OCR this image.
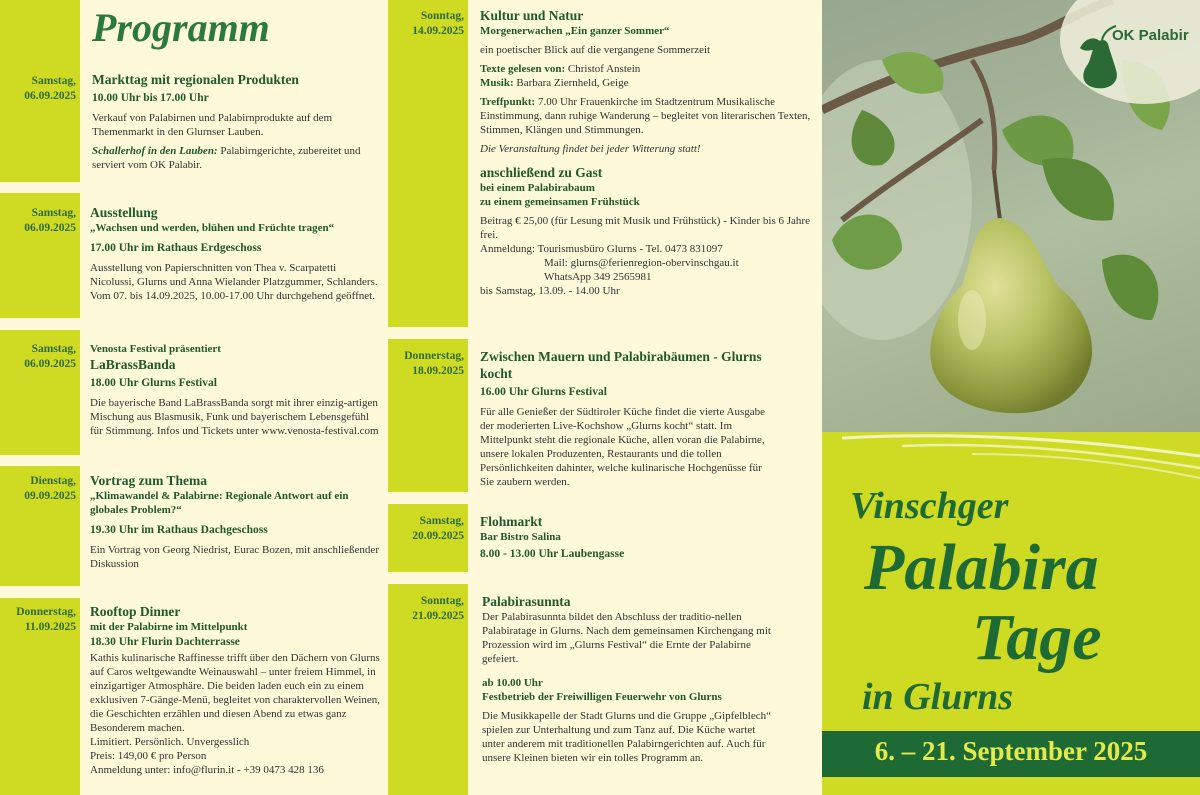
Programm
Samstag,
06.09.2025
Markttag mit regionalen Produkten
10.00 Uhr bis 17.00 Uhr
Verkauf von Palabirnen und Palabirnprodukte auf dem Themenmarkt in den Glurnser Lauben.
Schallerhof in den Lauben: Palabirngerichte, zubereitet und serviert vom OK Palabir.
Samstag,
06.09.2025
Ausstellung
„Wachsen und werden, blühen und Früchte tragen“
17.00 Uhr im Rathaus Erdgeschoss
Ausstellung von Papierschnitten von Thea v. Scarpatetti Nicolussi, Glurns und Anna Wielander Platzgummer, Schlanders. Vom 07. bis 14.09.2025, 10.00-17.00 Uhr durchgehend geöffnet.
Samstag,
06.09.2025
Venosta Festival präsentiert
LaBrassBanda
18.00 Uhr Glurns Festival
Die bayerische Band LaBrassBanda sorgt mit ihrer einzig-artigen Mischung aus Blasmusik, Funk und bayerischem Lebensgefühl für Stimmung. Infos und Tickets unter www.venosta-festival.com
Dienstag,
09.09.2025
Vortrag zum Thema
„Klimawandel & Palabirne: Regionale Antwort auf ein globales Problem?“
19.30 Uhr im Rathaus Dachgeschoss
Ein Vortrag von Georg Niedrist, Eurac Bozen, mit anschließender Diskussion
Donnerstag,
11.09.2025
Rooftop Dinner
mit der Palabirne im Mittelpunkt
18.30 Uhr Flurin Dachterrasse
Kathis kulinarische Raffinesse trifft über den Dächern von Glurns auf Caros weltgewandte Weinauswahl – unter freiem Himmel, in einzigartiger Atmosphäre. Die beiden laden euch ein zu einem exklusiven 7-Gänge-Menü, begleitet von charaktervollen Weinen, die Geschichten erzählen und diesen Abend zu etwas ganz Besonderem machen.
Limitiert. Persönlich. Unvergesslich
Preis: 149,00 € pro Person
Anmeldung unter: info@flurin.it - +39 0473 428 136
Sonntag,
14.09.2025
Kultur und Natur
Morgenerwachen „Ein ganzer Sommer“
ein poetischer Blick auf die vergangene Sommerzeit
Texte gelesen von: Christof Anstein
Musik: Barbara Ziernheld, Geige
Treffpunkt: 7.00 Uhr Frauenkirche im Stadtzentrum Musikalische Einstimmung, dann ruhige Wanderung – begleitet von literarischen Texten, Stimmen, Klängen und Stimmungen.
Die Veranstaltung findet bei jeder Witterung statt!
anschließend zu Gast
bei einem Palabirabaum
zu einem gemeinsamen Frühstück
Beitrag € 25,00 (für Lesung mit Musik und Frühstück) - Kinder bis 6 Jahre frei.
Anmeldung: Tourismusbüro Glurns - Tel. 0473 831097
Mail: glurns@ferienregion-obervinschgau.it
WhatsApp 349 2565981
bis Samstag, 13.09. - 14.00 Uhr
Donnerstag,
18.09.2025
Zwischen Mauern und Palabirabäumen - Glurns kocht
16.00 Uhr Glurns Festival
Für alle Genießer der Südtiroler Küche findet die vierte Ausgabe der moderierten Live-Kochshow „Glurns kocht“ statt. Im Mittelpunkt steht die regionale Küche, allen voran die Palabirne, unsere lokalen Produzenten, Restaurants und die tollen Persönlichkeiten dahinter, welche kulinarische Hochgenüsse für Sie zaubern werden.
Samstag,
20.09.2025
Flohmarkt
Bar Bistro Salina
8.00 - 13.00 Uhr Laubengasse
Sonntag,
21.09.2025
Palabirasunnta
Der Palabirasunnta bildet den Abschluss der traditio-nellen Palabiratage in Glurns. Nach dem gemeinsamen Kirchengang mit Prozession wird im „Glurns Festival“ die Ernte der Palabirne gefeiert.
ab 10.00 Uhr
Festbetrieb der Freiwilligen Feuerwehr von Glurns
Die Musikkapelle der Stadt Glurns und die Gruppe „Gipfelblech“ spielen zur Unterhaltung und zum Tanz auf. Die Küche wartet unter anderem mit traditionellen Palabirngerichten auf. Auch für unsere Kleinen bieten wir ein tolles Programm an.
OK Palabir
Vinschger
Palabira
Tage
in Glurns
6. – 21. September 2025
